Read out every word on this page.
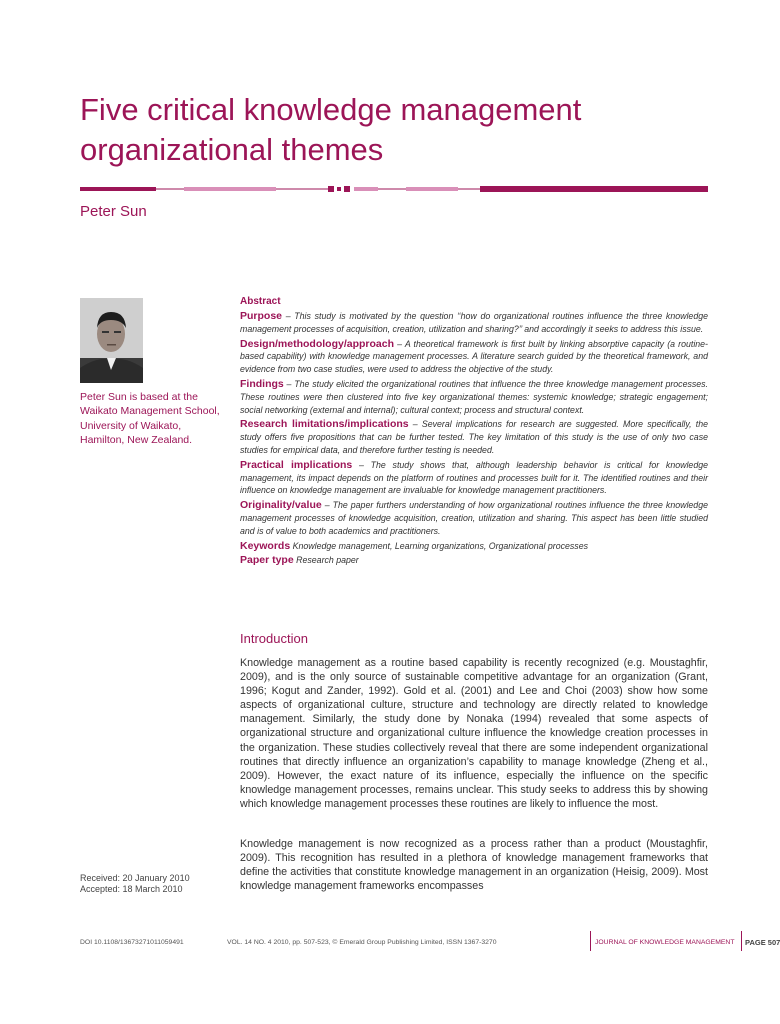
Five critical knowledge management organizational themes
Peter Sun
Peter Sun is based at the Waikato Management School, University of Waikato, Hamilton, New Zealand.
Received: 20 January 2010
Accepted: 18 March 2010
Abstract
Purpose – This study is motivated by the question ‘‘how do organizational routines influence the three knowledge management processes of acquisition, creation, utilization and sharing?’’ and accordingly it seeks to address this issue.
Design/methodology/approach – A theoretical framework is first built by linking absorptive capacity (a routine-based capability) with knowledge management processes. A literature search guided by the theoretical framework, and evidence from two case studies, were used to address the objective of the study.
Findings – The study elicited the organizational routines that influence the three knowledge management processes. These routines were then clustered into five key organizational themes: systemic knowledge; strategic engagement; social networking (external and internal); cultural context; process and structural context.
Research limitations/implications – Several implications for research are suggested. More specifically, the study offers five propositions that can be further tested. The key limitation of this study is the use of only two case studies for empirical data, and therefore further testing is needed.
Practical implications – The study shows that, although leadership behavior is critical for knowledge management, its impact depends on the platform of routines and processes built for it. The identified routines and their influence on knowledge management are invaluable for knowledge management practitioners.
Originality/value – The paper furthers understanding of how organizational routines influence the three knowledge management processes of knowledge acquisition, creation, utilization and sharing. This aspect has been little studied and is of value to both academics and practitioners.
Keywords Knowledge management, Learning organizations, Organizational processes
Paper type Research paper
Introduction

Knowledge management as a routine based capability is recently recognized (e.g. Moustaghfir, 2009), and is the only source of sustainable competitive advantage for an organization (Grant, 1996; Kogut and Zander, 1992). Gold et al. (2001) and Lee and Choi (2003) show how some aspects of organizational culture, structure and technology are directly related to knowledge management. Similarly, the study done by Nonaka (1994) revealed that some aspects of organizational structure and organizational culture influence the knowledge creation processes in the organization. These studies collectively reveal that there are some independent organizational routines that directly influence an organization’s capability to manage knowledge (Zheng et al., 2009). However, the exact nature of its influence, especially the influence on the specific knowledge management processes, remains unclear. This study seeks to address this by showing which knowledge management processes these routines are likely to influence the most.

Knowledge management is now recognized as a process rather than a product (Moustaghfir, 2009). This recognition has resulted in a plethora of knowledge management frameworks that define the activities that constitute knowledge management in an organization (Heisig, 2009). Most knowledge management frameworks encompasses

DOI 10.1108/13673271011059491	VOL. 14 NO. 4 2010, pp. 507-523, © Emerald Group Publishing Limited, ISSN 1367-3270	JOURNAL OF KNOWLEDGE MANAGEMENT PAGE 507
